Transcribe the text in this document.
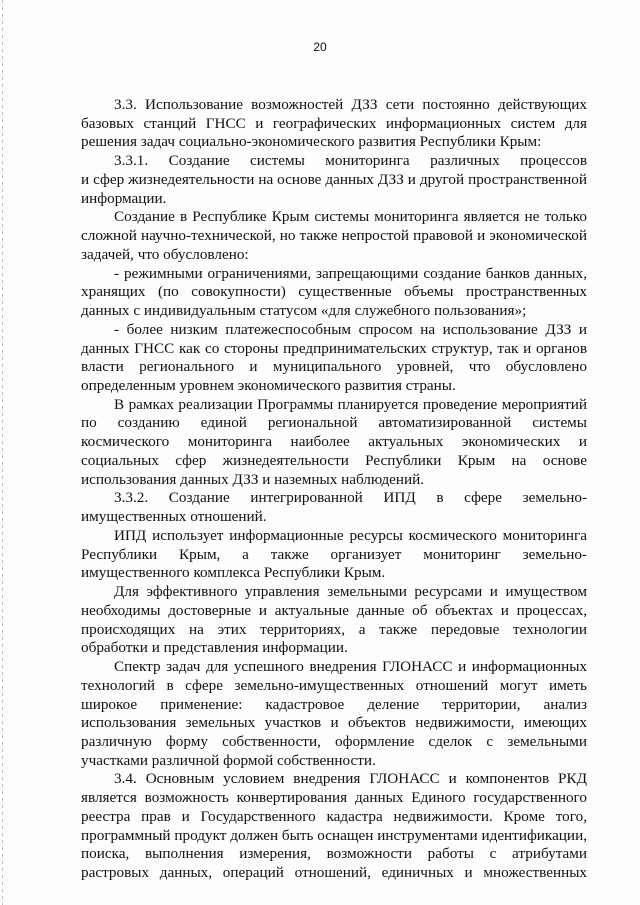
20
3.3. Использование возможностей ДЗЗ сети постоянно действующих
базовых станций ГНСС и географических информационных систем для
решения задач социально-экономического развития Республики Крым:
3.3.1. Создание системы мониторинга различных процессов
и сфер жизнедеятельности на основе данных ДЗЗ и другой пространственной
информации.
Создание в Республике Крым системы мониторинга является не только
сложной научно-технической, но также непростой правовой и экономической
задачей, что обусловлено:
- режимными ограничениями, запрещающими создание банков данных,
хранящих (по совокупности) существенные объемы пространственных
данных с индивидуальным статусом «для служебного пользования»;
- более низким платежеспособным спросом на использование ДЗЗ и
данных ГНСС как со стороны предпринимательских структур, так и органов
власти регионального и муниципального уровней, что обусловлено
определенным уровнем экономического развития страны.
В рамках реализации Программы планируется проведение мероприятий
по созданию единой региональной автоматизированной системы
космического мониторинга наиболее актуальных экономических и
социальных сфер жизнедеятельности Республики Крым на основе
использования данных ДЗЗ и наземных наблюдений.
3.3.2. Создание интегрированной ИПД в сфере земельно-
имущественных отношений.
ИПД использует информационные ресурсы космического мониторинга
Республики Крым, а также организует мониторинг земельно-
имущественного комплекса Республики Крым.
Для эффективного управления земельными ресурсами и имуществом
необходимы достоверные и актуальные данные об объектах и процессах,
происходящих на этих территориях, а также передовые технологии
обработки и представления информации.
Спектр задач для успешного внедрения ГЛОНАСС и информационных
технологий в сфере земельно-имущественных отношений могут иметь
широкое применение: кадастровое деление территории, анализ
использования земельных участков и объектов недвижимости, имеющих
различную форму собственности, оформление сделок с земельными
участками различной формой собственности.
3.4. Основным условием внедрения ГЛОНАСС и компонентов РКД
является возможность конвертирования данных Единого государственного
реестра прав и Государственного кадастра недвижимости. Кроме того,
программный продукт должен быть оснащен инструментами идентификации,
поиска, выполнения измерения, возможности работы с атрибутами
растровых данных, операций отношений, единичных и множественных
